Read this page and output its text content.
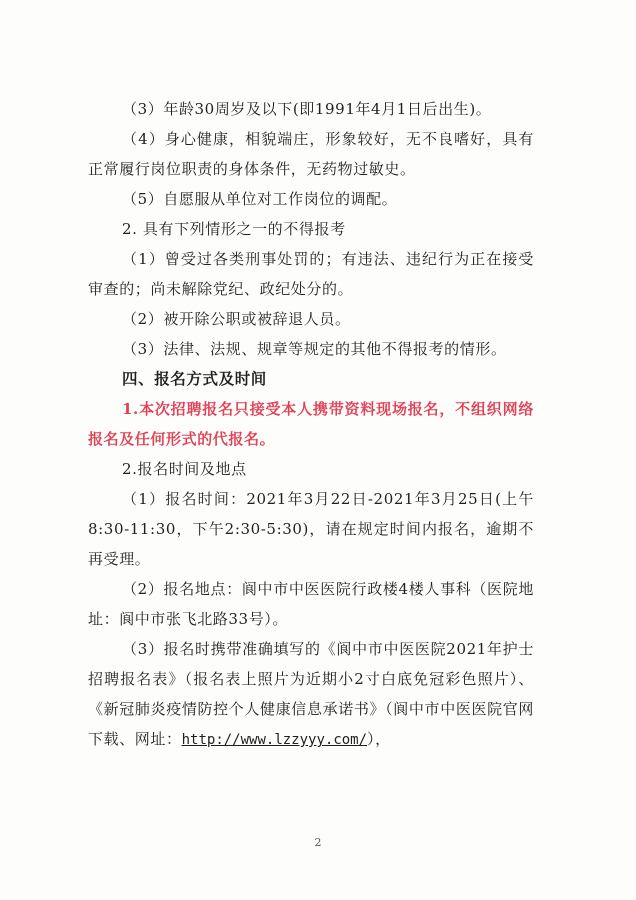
（3）年龄30周岁及以下(即1991年4月1日后出生)。

（4）身心健康，相貌端庄，形象较好，无不良嗜好，具有正常履行岗位职责的身体条件，无药物过敏史。

（5）自愿服从单位对工作岗位的调配。

2. 具有下列情形之一的不得报考

（1）曾受过各类刑事处罚的；有违法、违纪行为正在接受审查的；尚未解除党纪、政纪处分的。

（2）被开除公职或被辞退人员。

（3）法律、法规、规章等规定的其他不得报考的情形。

四、报名方式及时间

1.本次招聘报名只接受本人携带资料现场报名，不组织网络报名及任何形式的代报名。

2.报名时间及地点

（1）报名时间：2021年3月22日-2021年3月25日(上午8:30-11:30，下午2:30-5:30)，请在规定时间内报名，逾期不再受理。

（2）报名地点：阆中市中医医院行政楼4楼人事科（医院地址：阆中市张飞北路33号）。

（3）报名时携带准确填写的《阆中市中医医院2021年护士招聘报名表》（报名表上照片为近期小2寸白底免冠彩色照片）、《新冠肺炎疫情防控个人健康信息承诺书》（阆中市中医医院官网下载、网址：http://www.lzzyyy.com/），

2
